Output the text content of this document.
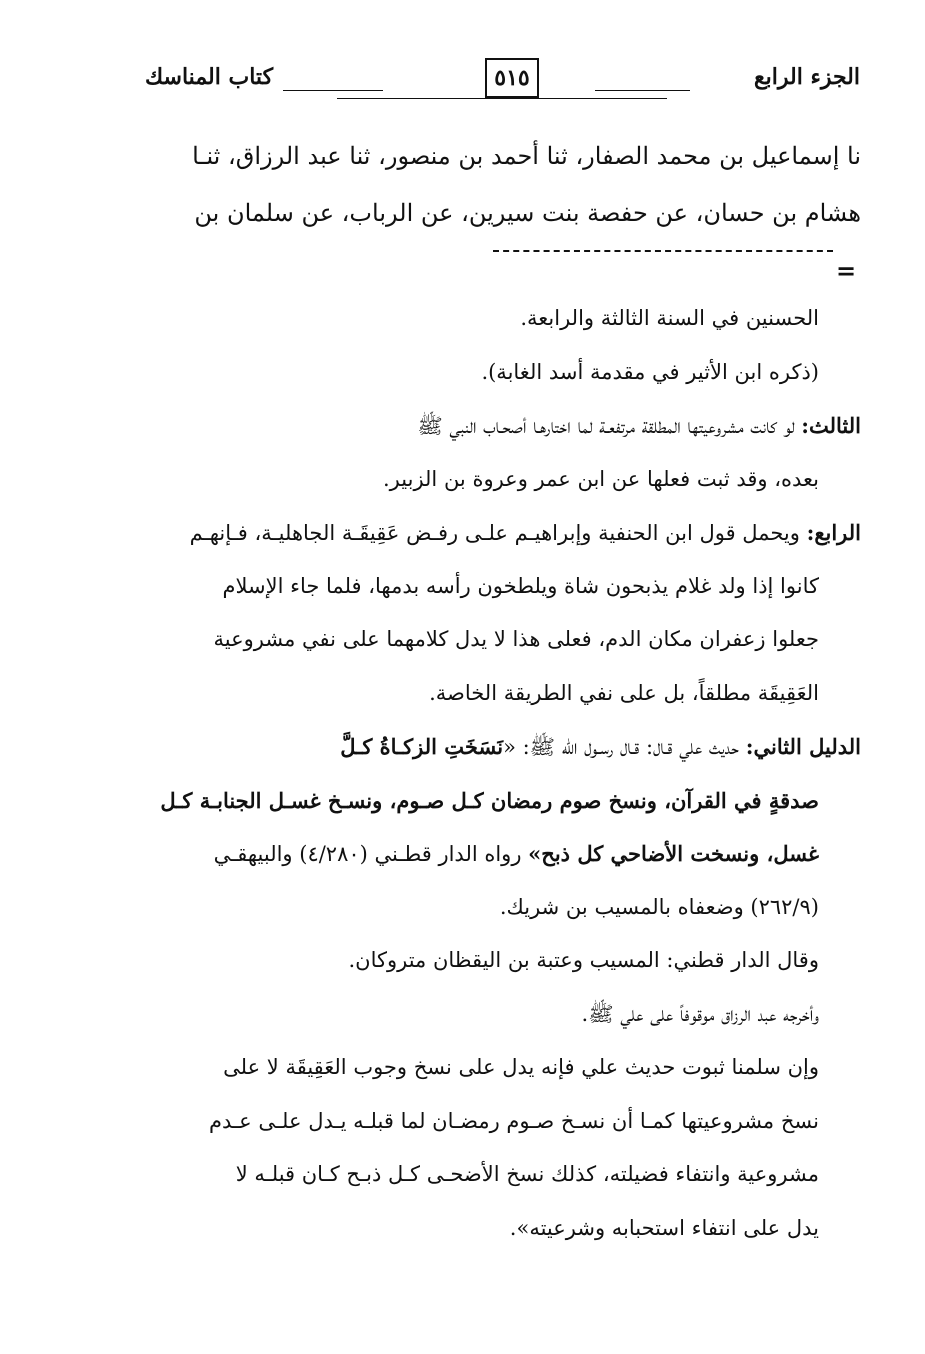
الجزء الرابع
٥١٥
كتاب المناسك
نا إسماعيل بن محمد الصفار، ثنا أحمد بن منصور، ثنا عبد الرزاق، ثنـا
هشام بن حسان، عن حفصة بنت سيرين، عن الرباب، عن سلمان بن
=
الحسنين في السنة الثالثة والرابعة.
(ذكره ابن الأثير في مقدمة أسد الغابة).
الثالث: لو كانت مشروعيتها المطلقة مرتفعـة لما اختارهـا أصحـاب النبي ﷺ
بعده، وقد ثبت فعلها عن ابن عمر وعروة بن الزبير.
الرابع: ويحمل قول ابن الحنفية وإبراهيـم علـى رفـض عَقِيقَـة الجاهليـة، فـإنهـم
كانوا إذا ولد غلام يذبحون شاة ويلطخون رأسه بدمها، فلما جاء الإسلام
جعلوا زعفران مكان الدم، فعلى هذا لا يدل كلامهما على نفي مشروعية
العَقِيقَة مطلقاً، بل على نفي الطريقة الخاصة.
الدليل الثاني: حديث علي قـال: قـال رسـول الله ﷺ: «نَسَخَتِ الزكـاةُ كـلَّ
صدقةٍ في القرآن، ونسخ صوم رمضان كـل صـوم، ونسـخ غسـل الجنابـة كـل
غسل، ونسخت الأضاحي كل ذبح» رواه الدار قطـني (٤/٢٨٠) والبيهقـي
(٢٦٢/٩) وضعفاه بالمسيب بن شريك.
وقال الدار قطني: المسيب وعتبة بن اليقظان متروكان.
وأخرجه عبد الرزاق موقوفاً على علي ﷺ.
وإن سلمنا ثبوت حديث علي فإنه يدل على نسخ وجوب العَقِيقَة لا على
نسخ مشروعيتها كمـا أن نسـخ صـوم رمضـان لما قبلـه يـدل علـى عـدم
مشروعية وانتفاء فضيلته، كذلك نسخ الأضحـى كـل ذبـح كـان قبلـه لا
يدل على انتفاء استحبابه وشرعيته».
